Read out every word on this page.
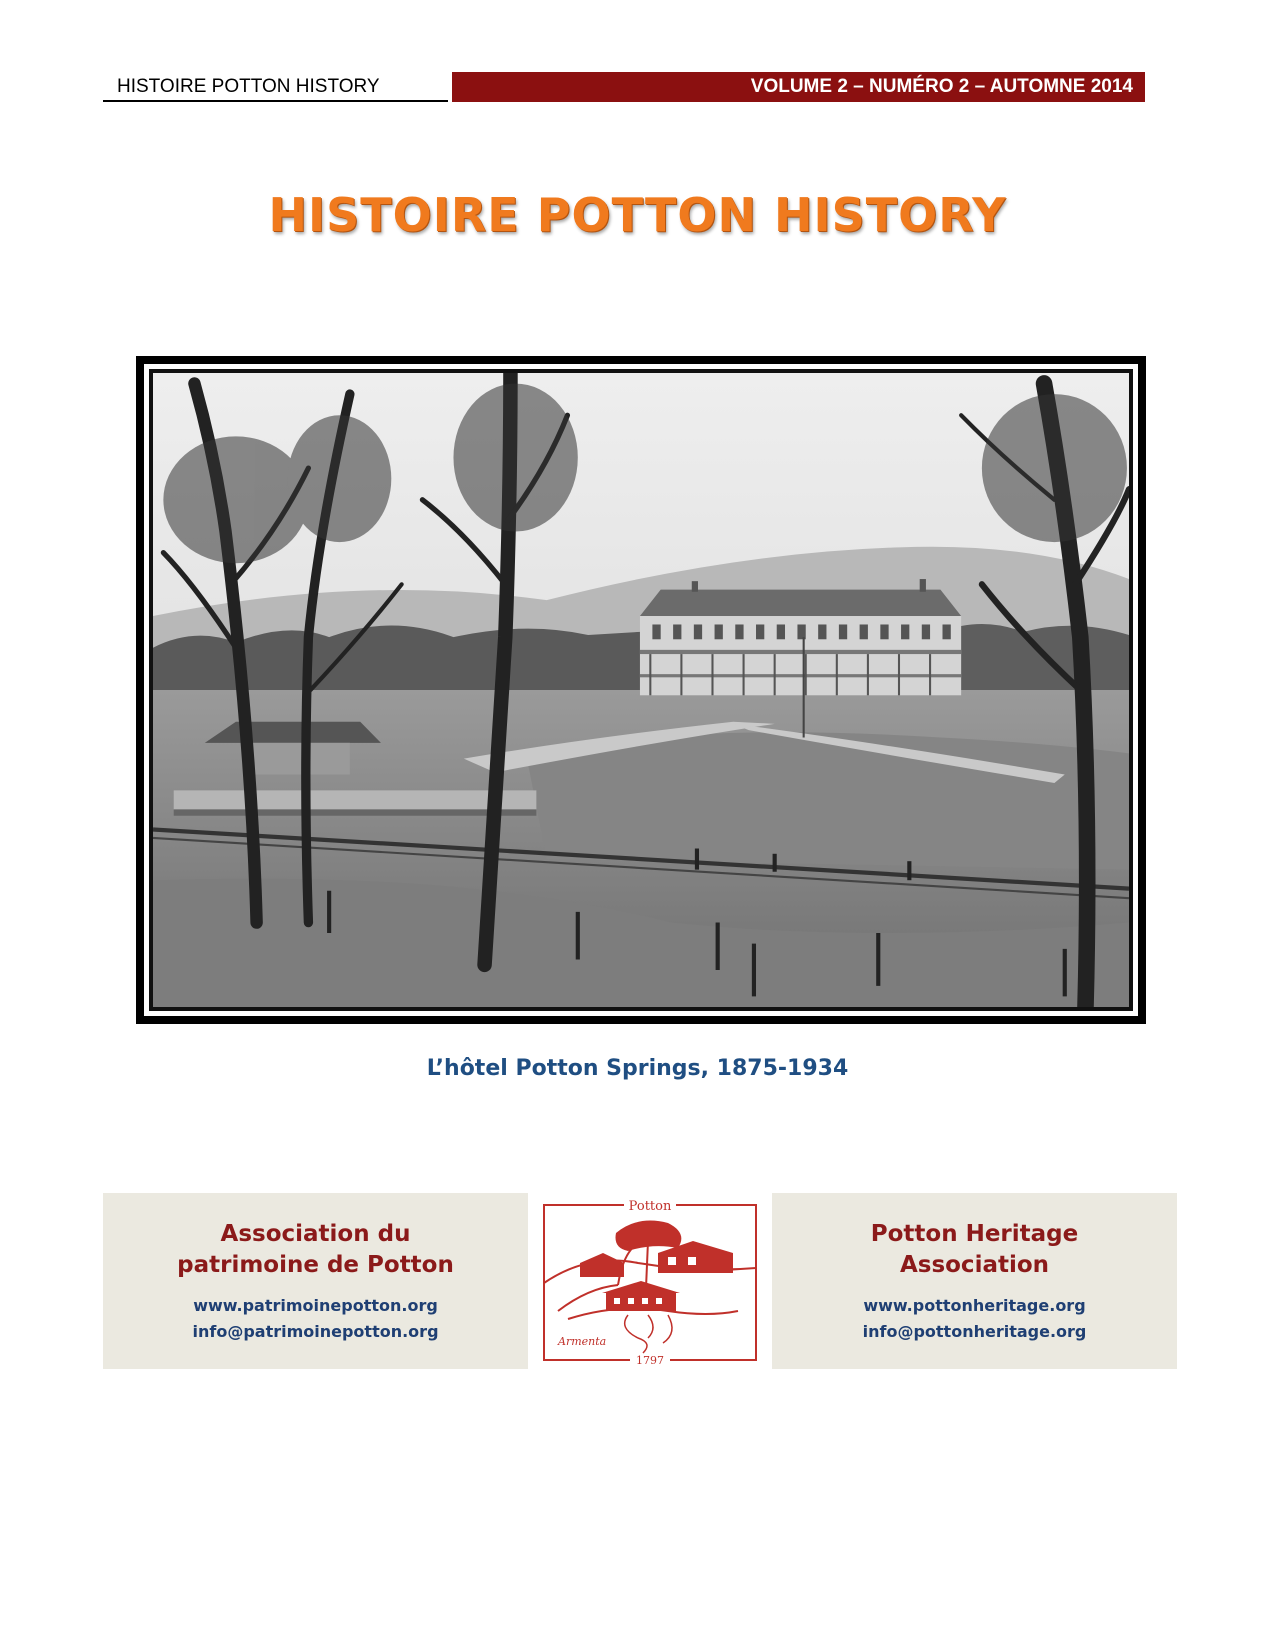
HISTOIRE POTTON HISTORY	VOLUME 2 – NUMÉRO 2 – AUTOMNE 2014
HISTOIRE POTTON HISTORY
L’hôtel Potton Springs, 1875-1934
Association du
patrimoine de Potton
www.patrimoinepotton.org
info@patrimoinepotton.org
Potton
Armenta
1797
Potton Heritage
Association
www.pottonheritage.org
info@pottonheritage.org
